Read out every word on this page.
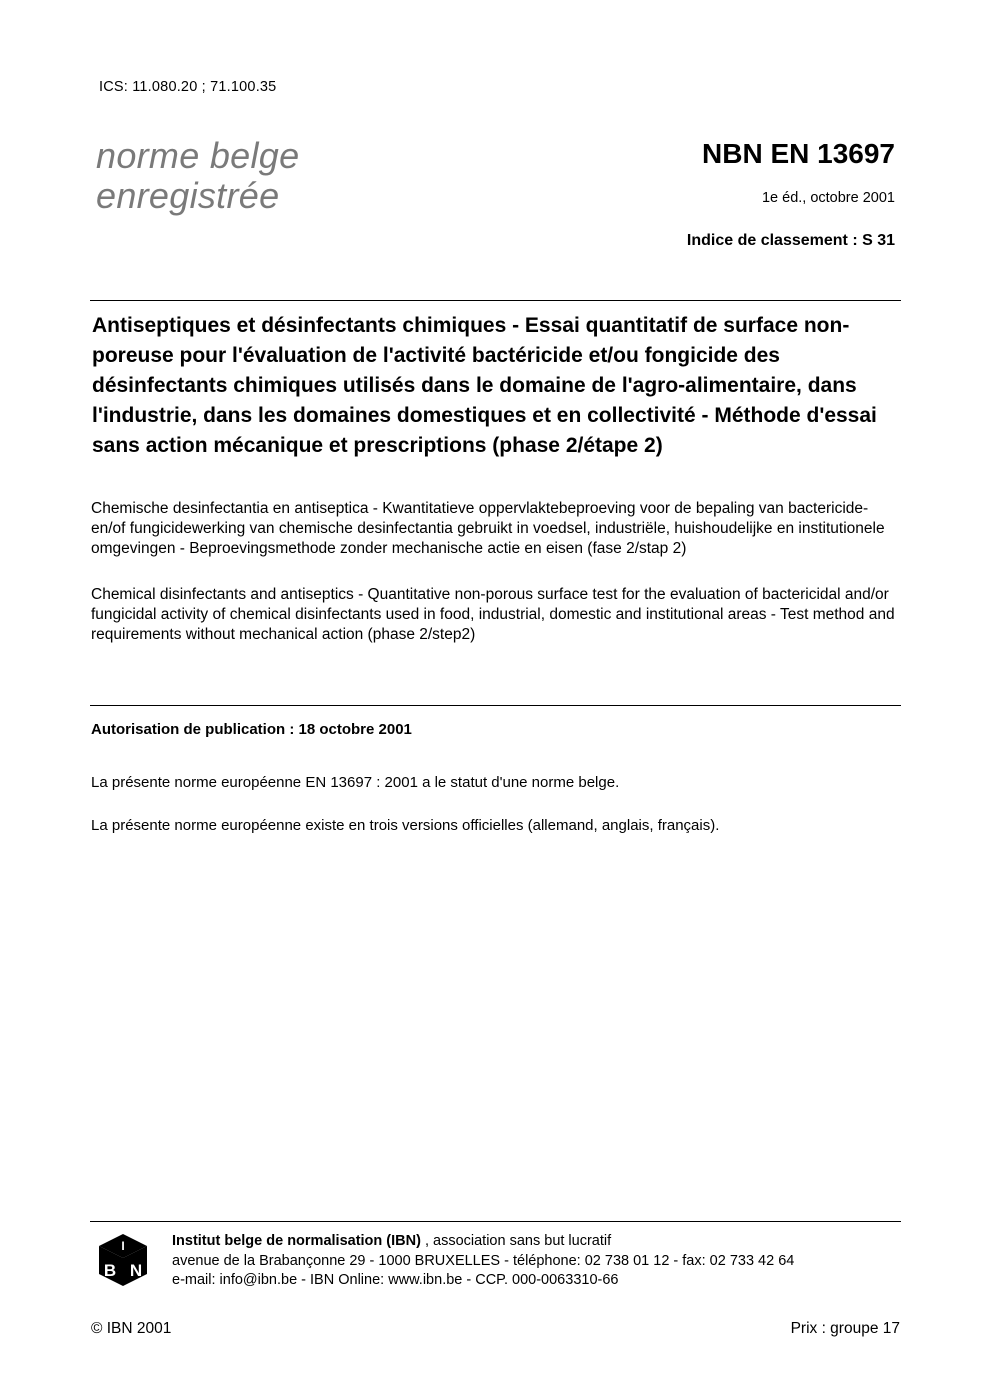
ICS: 11.080.20 ; 71.100.35
norme belge
enregistrée
NBN EN 13697
1e éd., octobre 2001
Indice de classement : S 31
Antiseptiques et désinfectants chimiques - Essai quantitatif de surface non-poreuse pour l'évaluation de l'activité bactéricide et/ou fongicide des désinfectants chimiques utilisés dans le domaine de l'agro-alimentaire, dans l'industrie, dans les domaines domestiques et en collectivité - Méthode d'essai sans action mécanique et prescriptions (phase 2/étape 2)
Chemische desinfectantia en antiseptica - Kwantitatieve oppervlaktebeproeving voor de bepaling van bactericide- en/of fungicidewerking van chemische desinfectantia gebruikt in voedsel, industriële, huishoudelijke en institutionele omgevingen - Beproevingsmethode zonder mechanische actie en eisen (fase 2/stap 2)
Chemical disinfectants and antiseptics - Quantitative non-porous surface test for the evaluation of bactericidal and/or fungicidal activity of chemical disinfectants used in food, industrial, domestic and institutional areas - Test method and requirements without mechanical action (phase 2/step2)
Autorisation de publication : 18 octobre 2001
La présente norme européenne EN 13697 : 2001 a le statut d'une norme belge.
La présente norme européenne existe en trois versions officielles (allemand, anglais, français).
I
B N
Institut belge de normalisation (IBN) , association sans but lucratif
avenue de la Brabançonne 29 - 1000 BRUXELLES - téléphone: 02 738 01 12 - fax: 02 733 42 64
e-mail: info@ibn.be - IBN Online: www.ibn.be - CCP. 000-0063310-66
© IBN 2001	Prix : groupe 17
